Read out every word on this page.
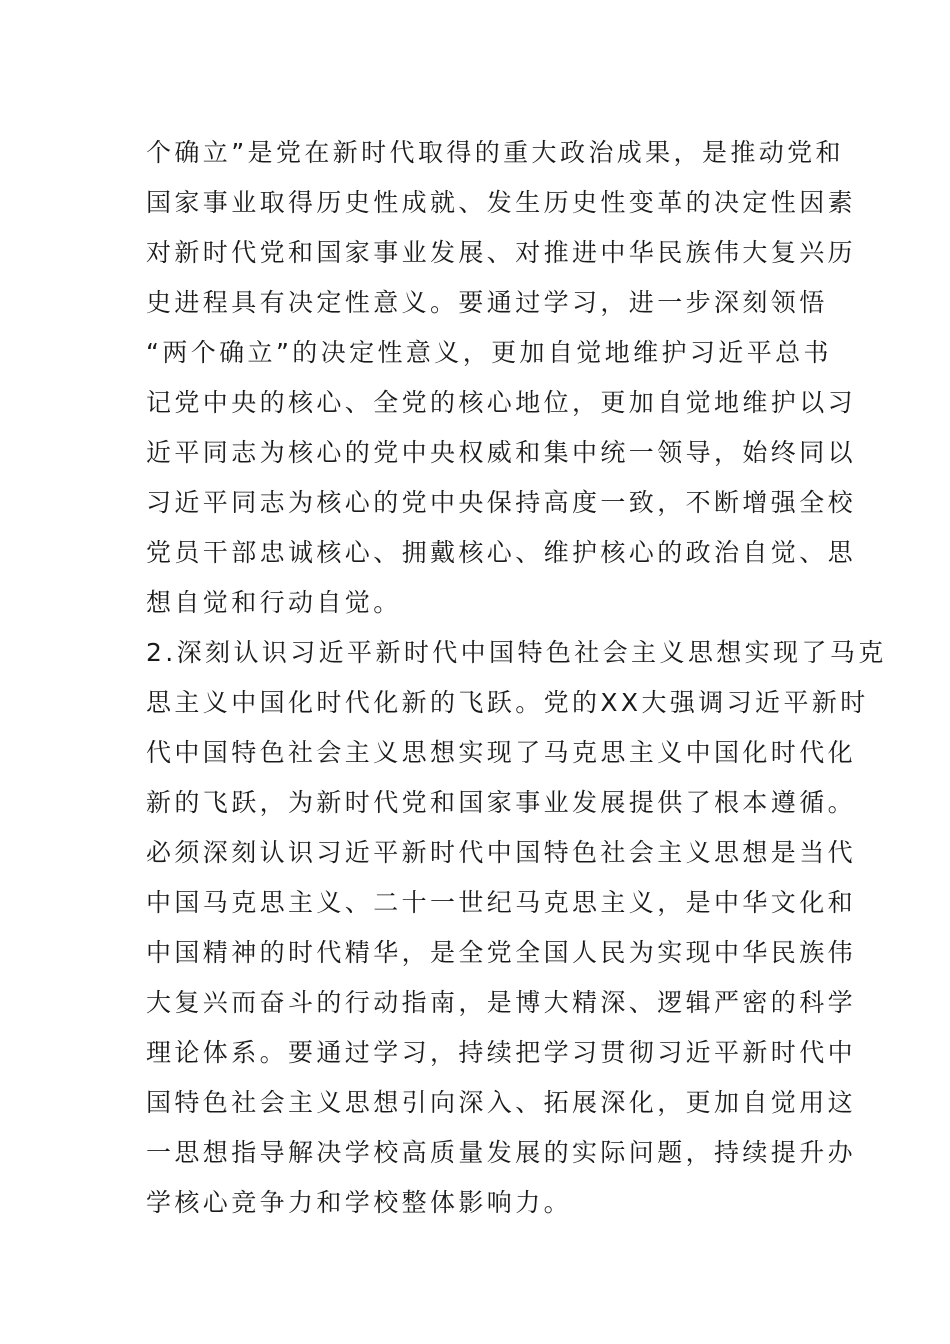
个确立”是党在新时代取得的重大政治成果，是推动党和
国家事业取得历史性成就、发生历史性变革的决定性因素
对新时代党和国家事业发展、对推进中华民族伟大复兴历
史进程具有决定性意义。要通过学习，进一步深刻领悟
“两个确立”的决定性意义，更加自觉地维护习近平总书
记党中央的核心、全党的核心地位，更加自觉地维护以习
近平同志为核心的党中央权威和集中统一领导，始终同以
习近平同志为核心的党中央保持高度一致，不断增强全校
党员干部忠诚核心、拥戴核心、维护核心的政治自觉、思
想自觉和行动自觉。
2.深刻认识习近平新时代中国特色社会主义思想实现了马克
思主义中国化时代化新的飞跃。党的XX大强调习近平新时
代中国特色社会主义思想实现了马克思主义中国化时代化
新的飞跃，为新时代党和国家事业发展提供了根本遵循。
必须深刻认识习近平新时代中国特色社会主义思想是当代
中国马克思主义、二十一世纪马克思主义，是中华文化和
中国精神的时代精华，是全党全国人民为实现中华民族伟
大复兴而奋斗的行动指南，是博大精深、逻辑严密的科学
理论体系。要通过学习，持续把学习贯彻习近平新时代中
国特色社会主义思想引向深入、拓展深化，更加自觉用这
一思想指导解决学校高质量发展的实际问题，持续提升办
学核心竞争力和学校整体影响力。
